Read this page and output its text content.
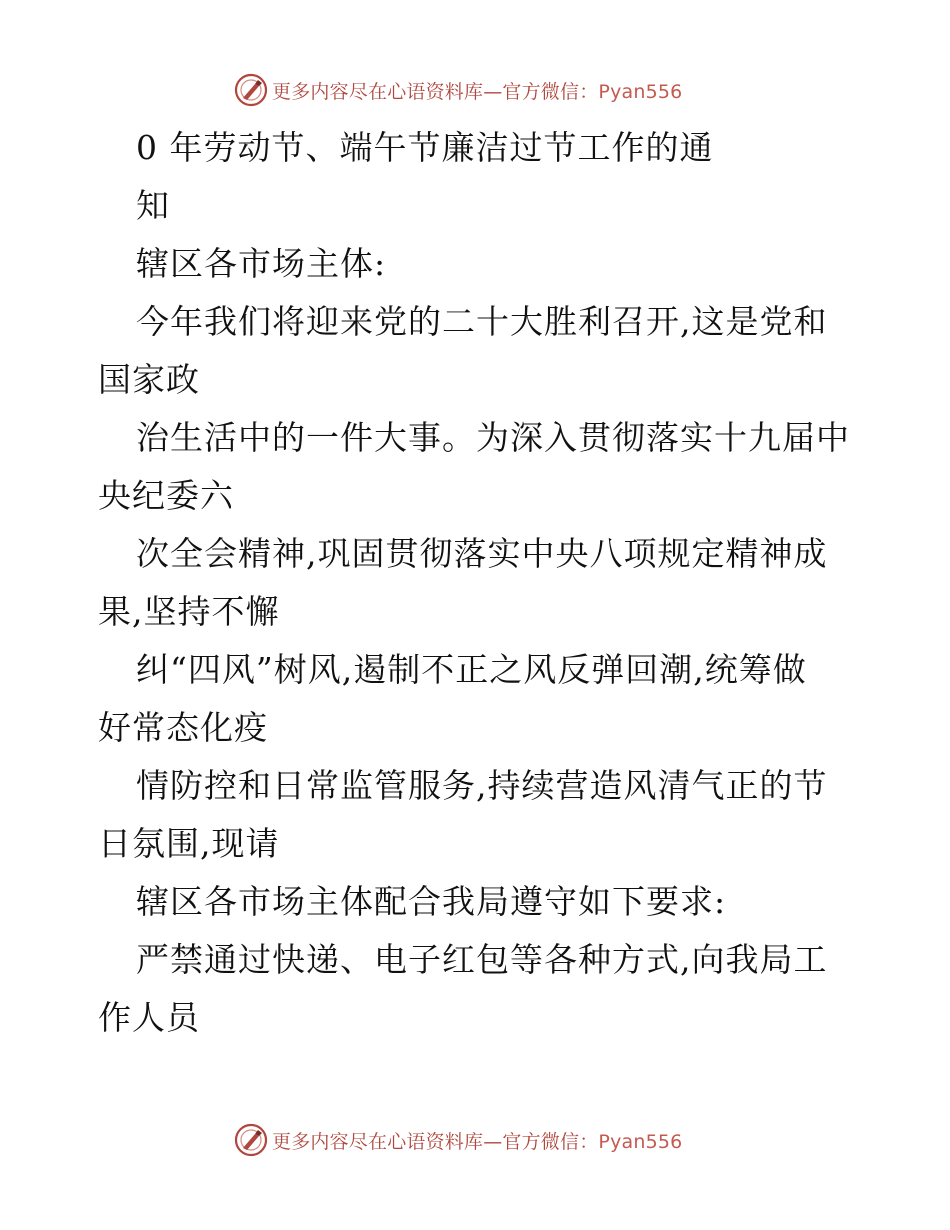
更多内容尽在心语资料库—官方微信：Pyan556
0 年劳动节、端午节廉洁过节工作的通
知
辖区各市场主体:
今年我们将迎来党的二十大胜利召开,这是党和
国家政
治生活中的一件大事。为深入贯彻落实十九届中
央纪委六
次全会精神,巩固贯彻落实中央八项规定精神成
果,坚持不懈
纠“四风”树风,遏制不正之风反弹回潮,统筹做
好常态化疫
情防控和日常监管服务,持续营造风清气正的节
日氛围,现请
辖区各市场主体配合我局遵守如下要求:
严禁通过快递、电子红包等各种方式,向我局工
作人员
更多内容尽在心语资料库—官方微信：Pyan556
